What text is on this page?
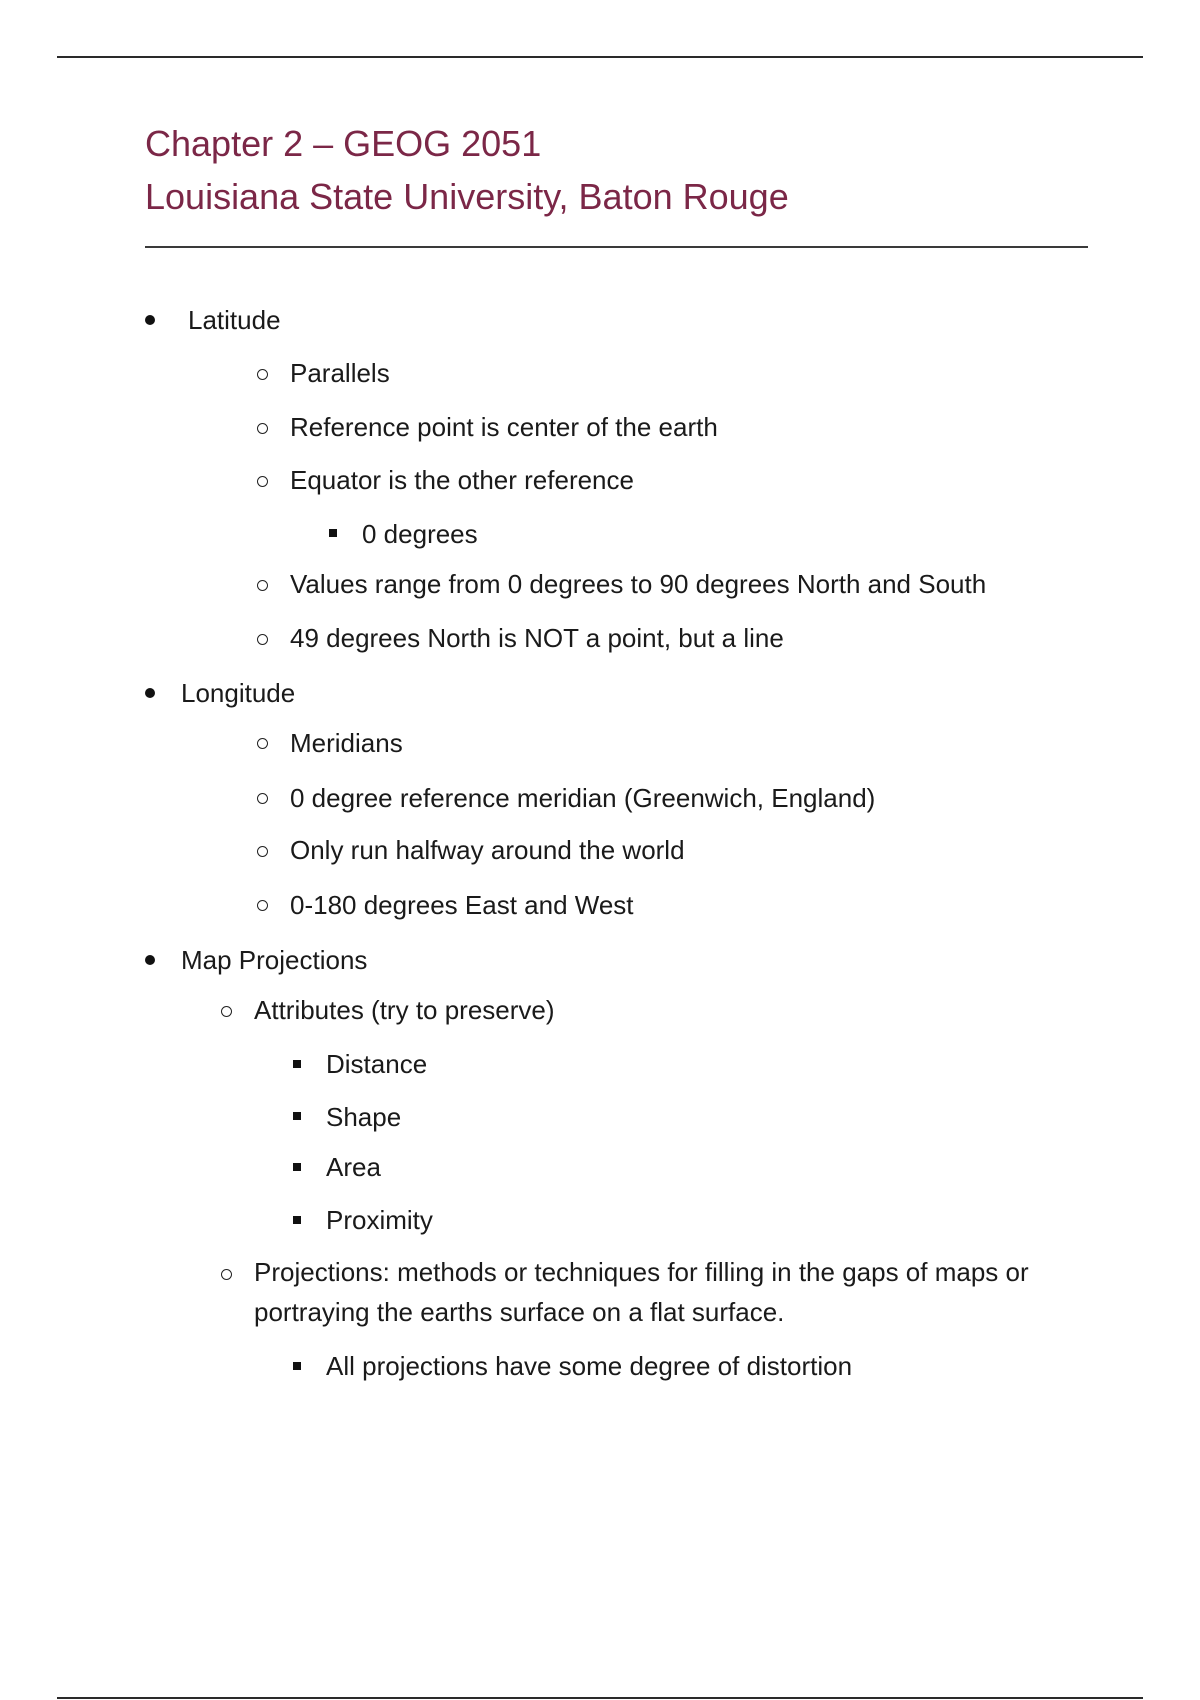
Chapter 2 – GEOG 2051
Louisiana State University, Baton Rouge
Latitude
Parallels
Reference point is center of the earth
Equator is the other reference
0 degrees
Values range from 0 degrees to 90 degrees North and South
49 degrees North is NOT a point, but a line
Longitude
Meridians
0 degree reference meridian (Greenwich, England)
Only run halfway around the world
0-180 degrees East and West
Map Projections
Attributes (try to preserve)
Distance
Shape
Area
Proximity
Projections: methods or techniques for filling in the gaps of maps or portraying the earths surface on a flat surface.
All projections have some degree of distortion
